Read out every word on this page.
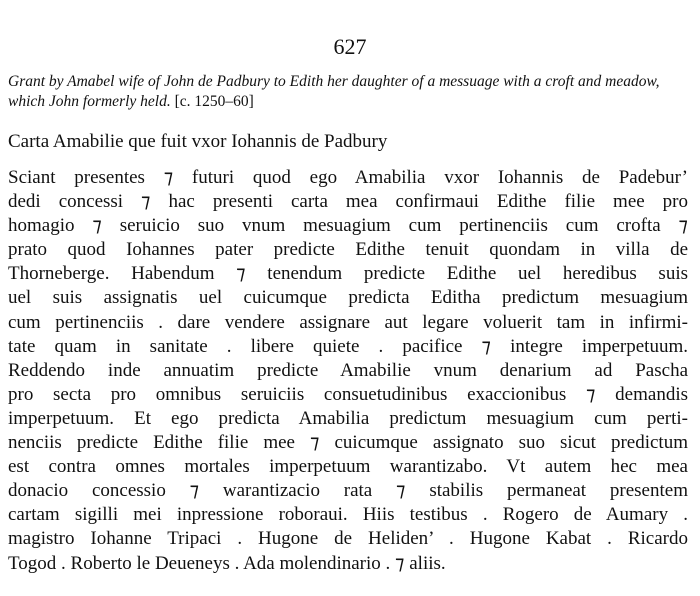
627
Grant by Amabel wife of John de Padbury to Edith her daughter of a messuage with a croft and meadow, which John formerly held. [c. 1250–60]
Carta Amabilie que fuit vxor Iohannis de Padbury
Sciant presentes ⁊ futuri quod ego Amabilia vxor Iohannis de Padebur’
dedi concessi ⁊ hac presenti carta mea confirmaui Edithe filie mee pro
homagio ⁊ seruicio suo vnum mesuagium cum pertinenciis cum crofta ⁊
prato quod Iohannes pater predicte Edithe tenuit quondam in villa de
Thorneberge. Habendum ⁊ tenendum predicte Edithe uel heredibus suis
uel suis assignatis uel cuicumque predicta Editha predictum mesuagium
cum pertinenciis . dare vendere assignare aut legare voluerit tam in infirmi-
tate quam in sanitate . libere quiete . pacifice ⁊ integre imperpetuum.
Reddendo inde annuatim predicte Amabilie vnum denarium ad Pascha
pro secta pro omnibus seruiciis consuetudinibus exaccionibus ⁊ demandis
imperpetuum. Et ego predicta Amabilia predictum mesuagium cum perti-
nenciis predicte Edithe filie mee ⁊ cuicumque assignato suo sicut predictum
est contra omnes mortales imperpetuum warantizabo. Vt autem hec mea
donacio concessio ⁊ warantizacio rata ⁊ stabilis permaneat presentem
cartam sigilli mei inpressione roboraui. Hiis testibus . Rogero de Aumary .
magistro Iohanne Tripaci . Hugone de Heliden’ . Hugone Kabat . Ricardo
Togod . Roberto le Deueneys . Ada molendinario . ⁊ aliis.
